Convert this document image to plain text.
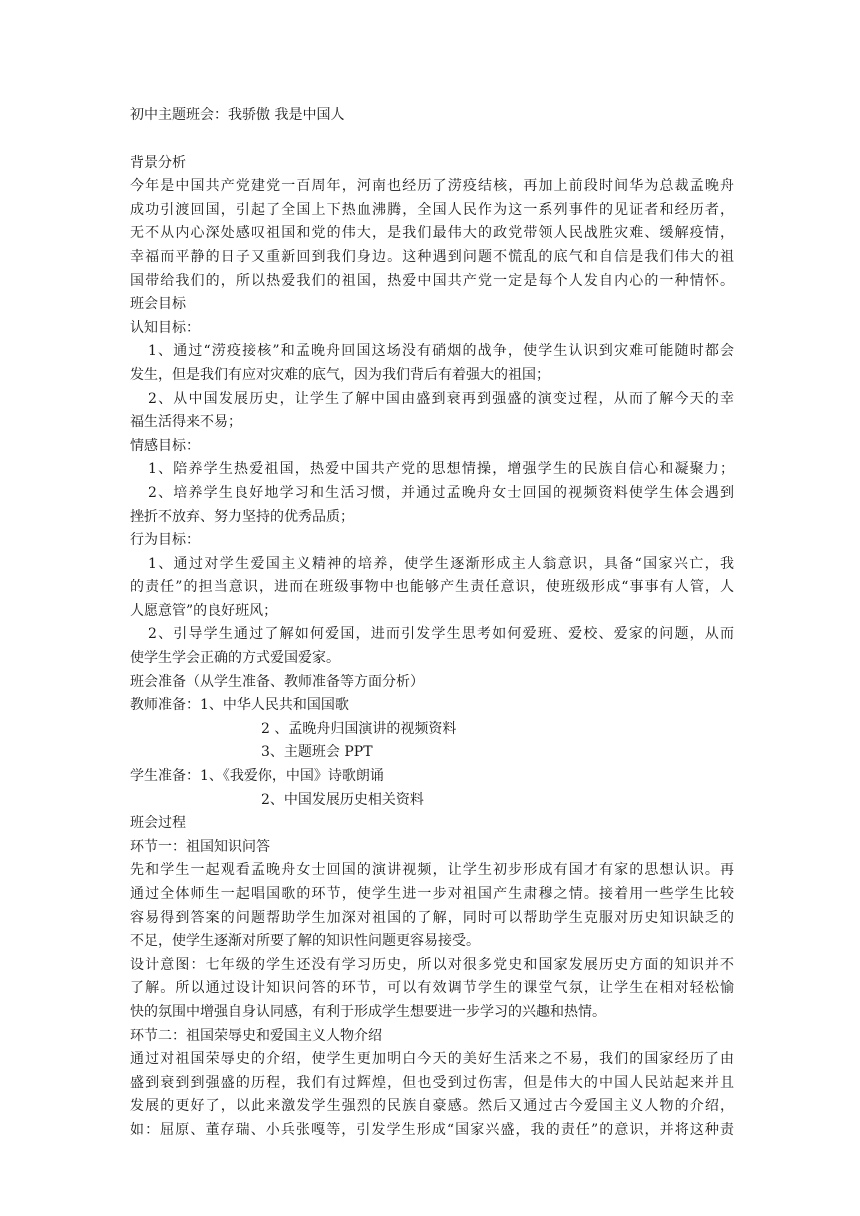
初中主题班会：我骄傲 我是中国人
背景分析
今年是中国共产党建党一百周年，河南也经历了涝疫结核，再加上前段时间华为总裁孟晚舟
成功引渡回国，引起了全国上下热血沸腾，全国人民作为这一系列事件的见证者和经历者，
无不从内心深处感叹祖国和党的伟大，是我们最伟大的政党带领人民战胜灾难、缓解疫情，
幸福而平静的日子又重新回到我们身边。这种遇到问题不慌乱的底气和自信是我们伟大的祖
国带给我们的，所以热爱我们的祖国，热爱中国共产党一定是每个人发自内心的一种情怀。
班会目标
认知目标：
1、通过“涝疫接核”和孟晚舟回国这场没有硝烟的战争，使学生认识到灾难可能随时都会
发生，但是我们有应对灾难的底气，因为我们背后有着强大的祖国；
2、从中国发展历史，让学生了解中国由盛到衰再到强盛的演变过程，从而了解今天的幸
福生活得来不易；
情感目标：
1、陪养学生热爱祖国，热爱中国共产党的思想情操，增强学生的民族自信心和凝聚力；
2、培养学生良好地学习和生活习惯，并通过孟晚舟女士回国的视频资料使学生体会遇到
挫折不放弃、努力坚持的优秀品质；
行为目标：
1、通过对学生爱国主义精神的培养，使学生逐渐形成主人翁意识，具备“国家兴亡，我
的责任”的担当意识，进而在班级事物中也能够产生责任意识，使班级形成“事事有人管，人
人愿意管”的良好班风；
2、引导学生通过了解如何爱国，进而引发学生思考如何爱班、爱校、爱家的问题，从而
使学生学会正确的方式爱国爱家。
班会准备（从学生准备、教师准备等方面分析）
教师准备：1、中华人民共和国国歌
2 、孟晚舟归国演讲的视频资料
3、主题班会 PPT
学生准备：1、《我爱你，中国》诗歌朗诵
2、中国发展历史相关资料
班会过程
环节一：祖国知识问答
先和学生一起观看孟晚舟女士回国的演讲视频，让学生初步形成有国才有家的思想认识。再
通过全体师生一起唱国歌的环节，使学生进一步对祖国产生肃穆之情。接着用一些学生比较
容易得到答案的问题帮助学生加深对祖国的了解，同时可以帮助学生克服对历史知识缺乏的
不足，使学生逐渐对所要了解的知识性问题更容易接受。
设计意图：七年级的学生还没有学习历史，所以对很多党史和国家发展历史方面的知识并不
了解。所以通过设计知识问答的环节，可以有效调节学生的课堂气氛，让学生在相对轻松愉
快的氛围中增强自身认同感，有利于形成学生想要进一步学习的兴趣和热情。
环节二：祖国荣辱史和爱国主义人物介绍
通过对祖国荣辱史的介绍，使学生更加明白今天的美好生活来之不易，我们的国家经历了由
盛到衰到到强盛的历程，我们有过辉煌，但也受到过伤害，但是伟大的中国人民站起来并且
发展的更好了，以此来激发学生强烈的民族自豪感。然后又通过古今爱国主义人物的介绍，
如：屈原、董存瑞、小兵张嘎等，引发学生形成“国家兴盛，我的责任”的意识，并将这种责
